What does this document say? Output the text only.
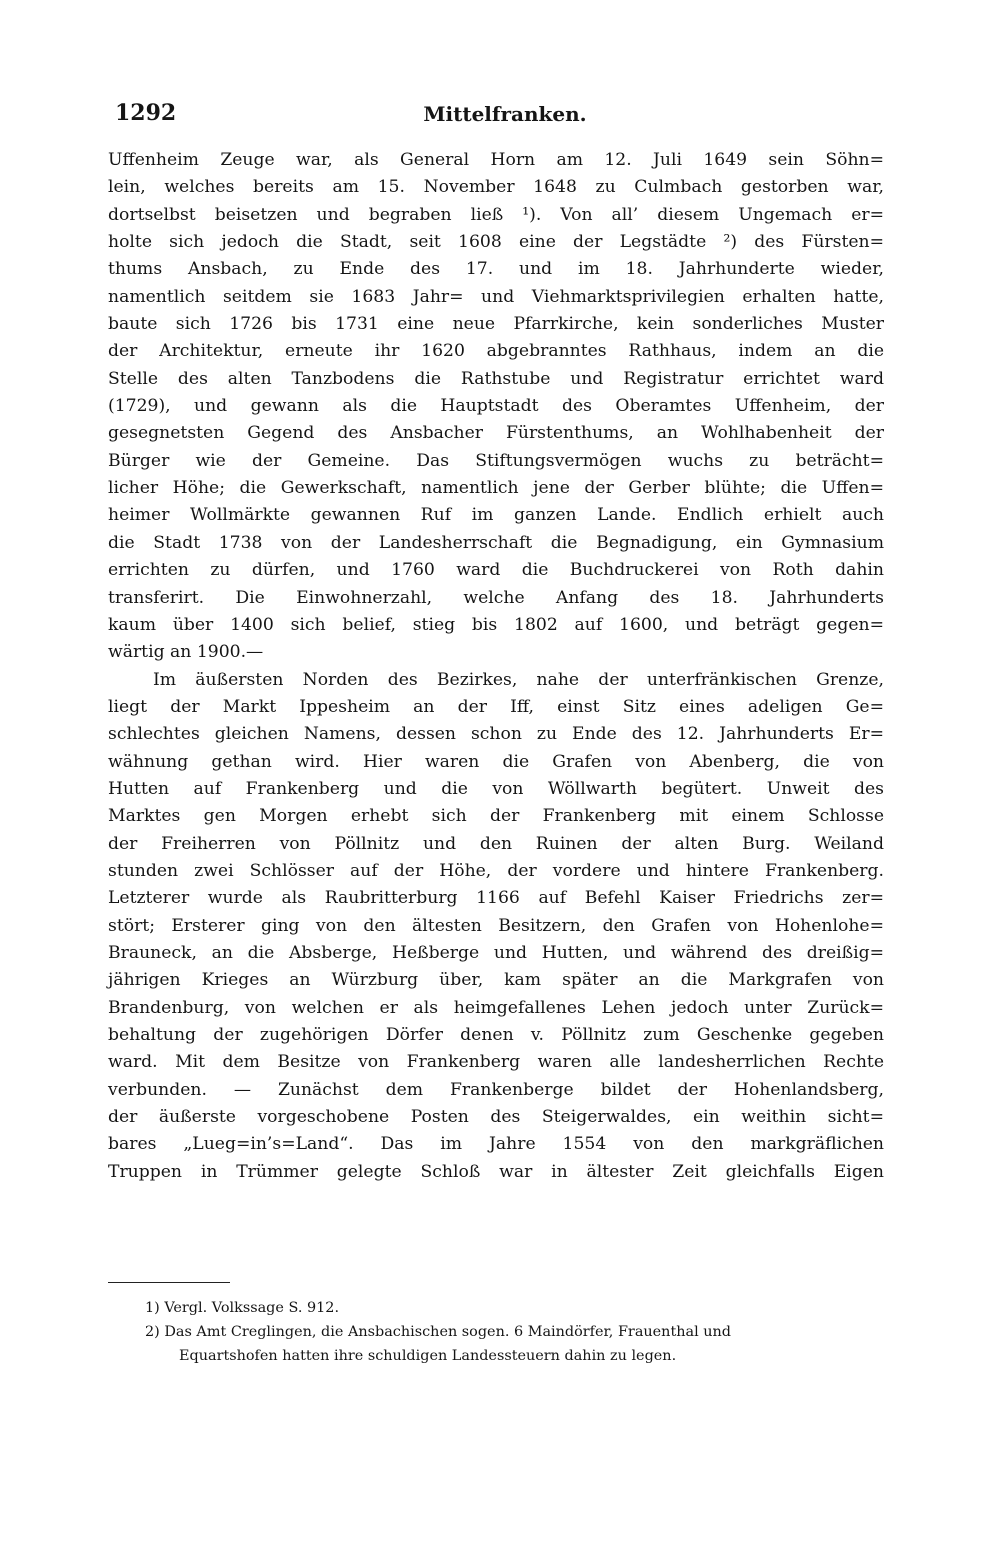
1292	Mittelfranken.
Uffenheim Zeuge war, als General Horn am 12. Juli 1649 sein Söhn=
lein, welches bereits am 15. November 1648 zu Culmbach gestorben war,
dortselbst beisetzen und begraben ließ ¹). Von all’ diesem Ungemach er=
holte sich jedoch die Stadt, seit 1608 eine der Legstädte ²) des Fürsten=
thums Ansbach, zu Ende des 17. und im 18. Jahrhunderte wieder,
namentlich seitdem sie 1683 Jahr= und Viehmarktsprivilegien erhalten hatte,
baute sich 1726 bis 1731 eine neue Pfarrkirche, kein sonderliches Muster
der Architektur, erneute ihr 1620 abgebranntes Rathhaus, indem an die
Stelle des alten Tanzbodens die Rathstube und Registratur errichtet ward
(1729), und gewann als die Hauptstadt des Oberamtes Uffenheim, der
gesegnetsten Gegend des Ansbacher Fürstenthums, an Wohlhabenheit der
Bürger wie der Gemeine. Das Stiftungsvermögen wuchs zu beträcht=
licher Höhe; die Gewerkschaft, namentlich jene der Gerber blühte; die Uffen=
heimer Wollmärkte gewannen Ruf im ganzen Lande. Endlich erhielt auch
die Stadt 1738 von der Landesherrschaft die Begnadigung, ein Gymnasium
errichten zu dürfen, und 1760 ward die Buchdruckerei von Roth dahin
transferirt. Die Einwohnerzahl, welche Anfang des 18. Jahrhunderts
kaum über 1400 sich belief, stieg bis 1802 auf 1600, und beträgt gegen=
wärtig an 1900.—
Im äußersten Norden des Bezirkes, nahe der unterfränkischen Grenze,
liegt der Markt Ippesheim an der Iff, einst Sitz eines adeligen Ge=
schlechtes gleichen Namens, dessen schon zu Ende des 12. Jahrhunderts Er=
wähnung gethan wird. Hier waren die Grafen von Abenberg, die von
Hutten auf Frankenberg und die von Wöllwarth begütert. Unweit des
Marktes gen Morgen erhebt sich der Frankenberg mit einem Schlosse
der Freiherren von Pöllnitz und den Ruinen der alten Burg. Weiland
stunden zwei Schlösser auf der Höhe, der vordere und hintere Frankenberg.
Letzterer wurde als Raubritterburg 1166 auf Befehl Kaiser Friedrichs zer=
stört; Ersterer ging von den ältesten Besitzern, den Grafen von Hohenlohe=
Brauneck, an die Absberge, Heßberge und Hutten, und während des dreißig=
jährigen Krieges an Würzburg über, kam später an die Markgrafen von
Brandenburg, von welchen er als heimgefallenes Lehen jedoch unter Zurück=
behaltung der zugehörigen Dörfer denen v. Pöllnitz zum Geschenke gegeben
ward. Mit dem Besitze von Frankenberg waren alle landesherrlichen Rechte
verbunden. — Zunächst dem Frankenberge bildet der Hohenlandsberg,
der äußerste vorgeschobene Posten des Steigerwaldes, ein weithin sicht=
bares „Lueg=in’s=Land“. Das im Jahre 1554 von den markgräflichen
Truppen in Trümmer gelegte Schloß war in ältester Zeit gleichfalls Eigen
1) Vergl. Volkssage S. 912.
2) Das Amt Creglingen, die Ansbachischen sogen. 6 Maindörfer, Frauenthal und
Equartshofen hatten ihre schuldigen Landessteuern dahin zu legen.
